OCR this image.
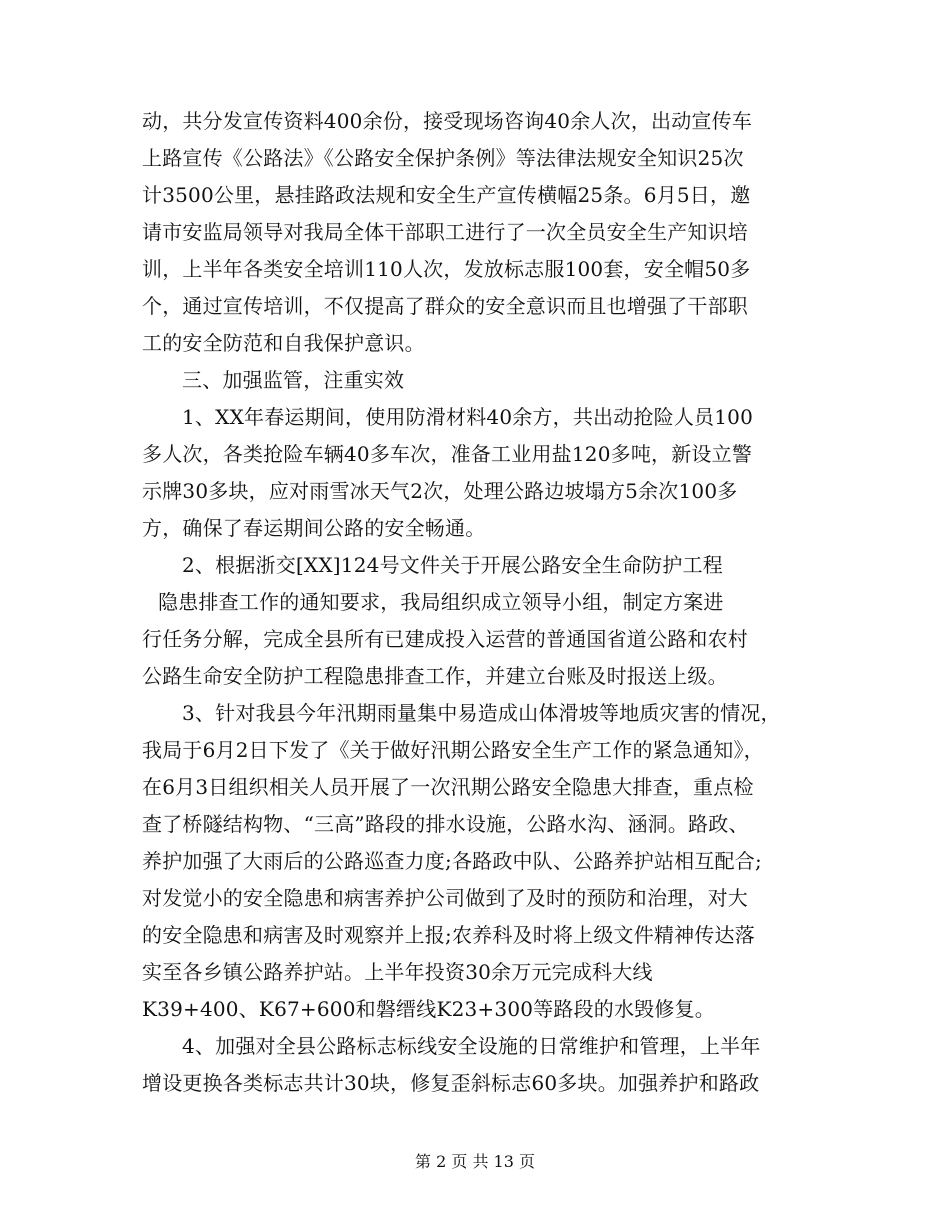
动，共分发宣传资料400余份，接受现场咨询40余人次，出动宣传车
上路宣传《公路法》《公路安全保护条例》等法律法规安全知识25次
计3500公里，悬挂路政法规和安全生产宣传横幅25条。6月5日，邀
请市安监局领导对我局全体干部职工进行了一次全员安全生产知识培
训，上半年各类安全培训110人次，发放标志服100套，安全帽50多
个，通过宣传培训，不仅提高了群众的安全意识而且也增强了干部职
工的安全防范和自我保护意识。
三、加强监管，注重实效
1、XX年春运期间，使用防滑材料40余方，共出动抢险人员100
多人次，各类抢险车辆40多车次，准备工业用盐120多吨，新设立警
示牌30多块，应对雨雪冰天气2次，处理公路边坡塌方5余次100多
方，确保了春运期间公路的安全畅通。
2、根据浙交[XX]124号文件关于开展公路安全生命防护工程
隐患排查工作的通知要求，我局组织成立领导小组，制定方案进
行任务分解，完成全县所有已建成投入运营的普通国省道公路和农村
公路生命安全防护工程隐患排查工作，并建立台账及时报送上级。
3、针对我县今年汛期雨量集中易造成山体滑坡等地质灾害的情况，
我局于6月2日下发了《关于做好汛期公路安全生产工作的紧急通知》，
在6月3日组织相关人员开展了一次汛期公路安全隐患大排查，重点检
查了桥隧结构物、“三高”路段的排水设施，公路水沟、涵洞。路政、
养护加强了大雨后的公路巡查力度;各路政中队、公路养护站相互配合;
对发觉小的安全隐患和病害养护公司做到了及时的预防和治理，对大
的安全隐患和病害及时观察并上报;农养科及时将上级文件精神传达落
实至各乡镇公路养护站。上半年投资30余万元完成科大线
K39+400、K67+600和磐缙线K23+300等路段的水毁修复。
4、加强对全县公路标志标线安全设施的日常维护和管理，上半年
增设更换各类标志共计30块，修复歪斜标志60多块。加强养护和路政
第 2 页 共 13 页
